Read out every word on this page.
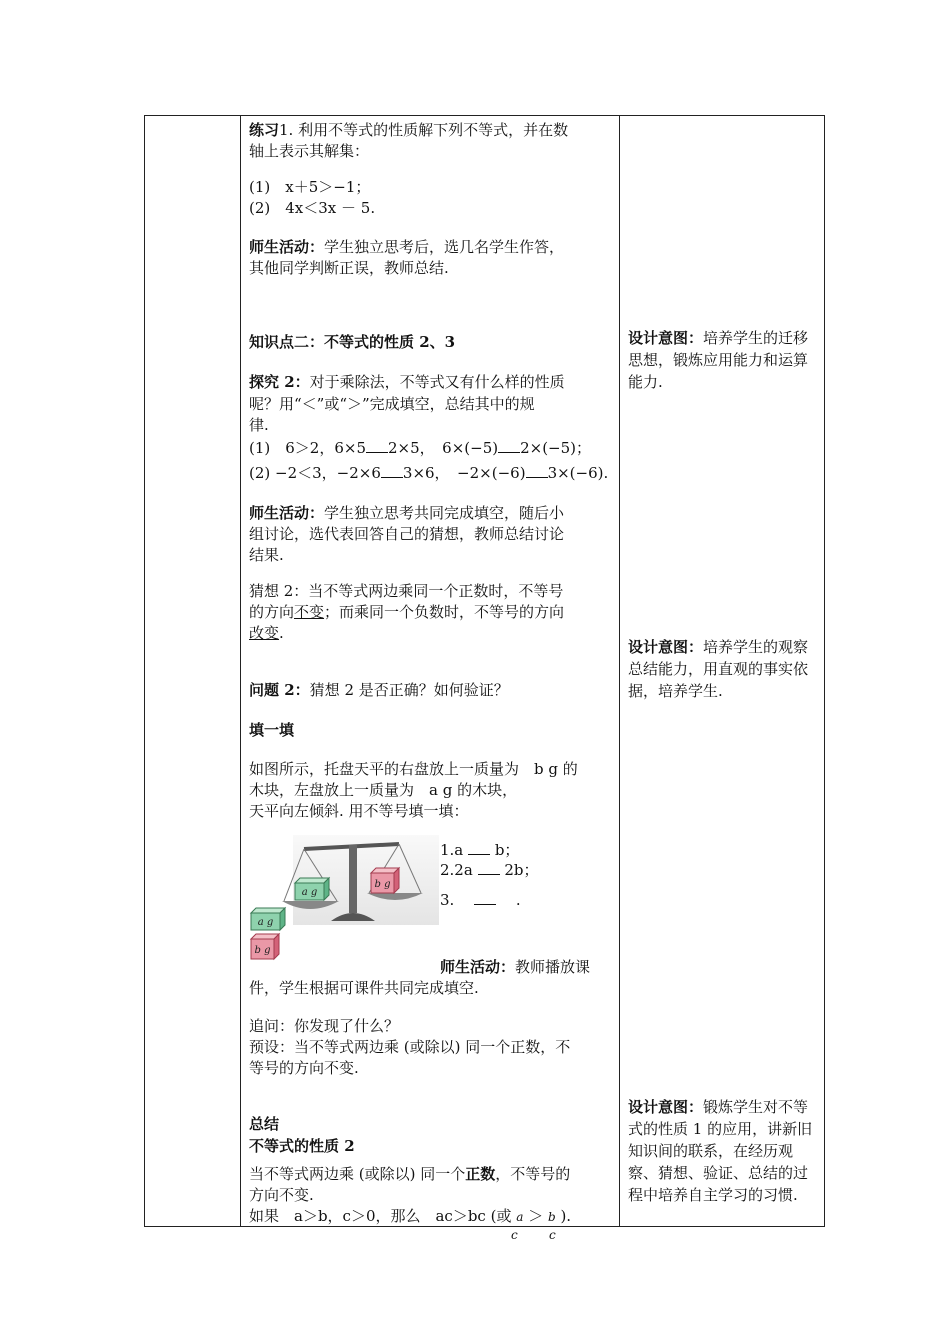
练习1. 利用不等式的性质解下列不等式，并在数
轴上表示其解集：
(1)　x＋5＞−1；
(2)　4x＜3x － 5.
师生活动：学生独立思考后，选几名学生作答，
其他同学判断正误，教师总结.
知识点二：不等式的性质 2、3
探究 2：对于乘除法，不等式又有什么样的性质
呢？用“＜”或“＞”完成填空，总结其中的规
律.
(1)　6＞2，6×5 2×5，　6×(−5) 2×(−5)；
(2) −2＜3，−2×6 3×6，　−2×(−6) 3×(−6).
师生活动：学生独立思考共同完成填空，随后小
组讨论，选代表回答自己的猜想，教师总结讨论
结果.
猜想 2：当不等式两边乘同一个正数时，不等号
的方向不变；而乘同一个负数时，不等号的方向
改变.
问题 2：猜想 2 是否正确？如何验证？
填一填
如图所示，托盘天平的右盘放上一质量为　b g 的
木块，左盘放上一质量为　a g 的木块，
天平向左倾斜. 用不等号填一填：
a g
b g
a g
b g
1.a b；
2.2a 2b；
3.　  　	.
师生活动：教师播放课
件，学生根据可课件共同完成填空.
追问：你发现了什么？
预设：当不等式两边乘 (或除以) 同一个正数，不
等号的方向不变.
总结
不等式的性质 2
当不等式两边乘 (或除以) 同一个正数，不等号的
方向不变.
如果　a＞b，c＞0，那么　ac＞bc (或 a ＞ b ).

设计意图：培养学生的迁移思想，锻炼应用能力和运算能力.
设计意图：培养学生的观察总结能力，用直观的事实依据，培养学生.
设计意图：锻炼学生对不等式的性质 1 的应用，讲新旧知识间的联系，在经历观察、猜想、验证、总结的过程中培养自主学习的习惯.
c	c
